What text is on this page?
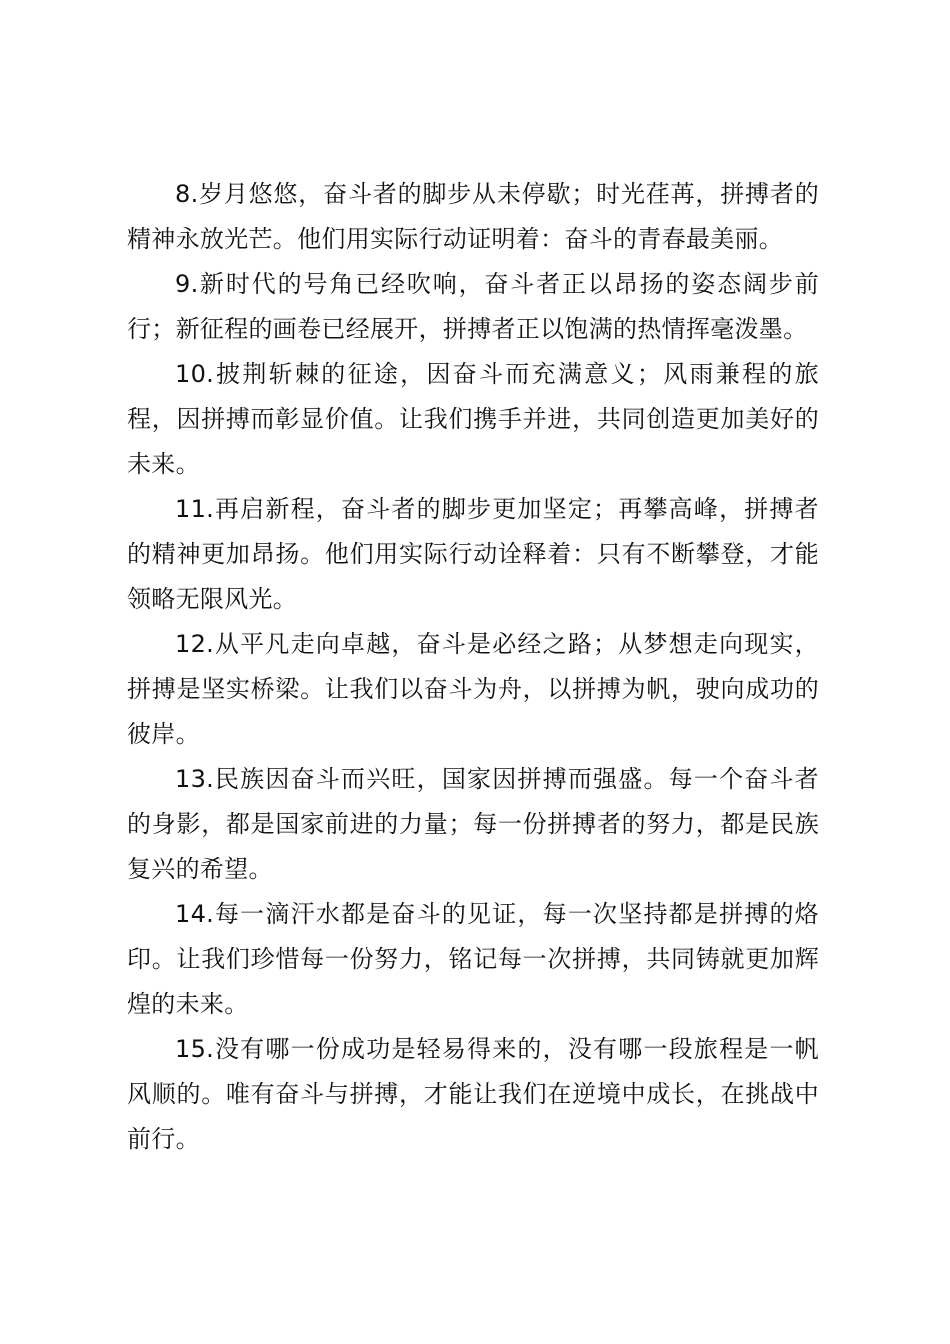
8.岁月悠悠，奋斗者的脚步从未停歇；时光荏苒，拼搏者的精神永放光芒。他们用实际行动证明着：奋斗的青春最美丽。

9.新时代的号角已经吹响，奋斗者正以昂扬的姿态阔步前行；新征程的画卷已经展开，拼搏者正以饱满的热情挥毫泼墨。

10.披荆斩棘的征途，因奋斗而充满意义；风雨兼程的旅程，因拼搏而彰显价值。让我们携手并进，共同创造更加美好的未来。

11.再启新程，奋斗者的脚步更加坚定；再攀高峰，拼搏者的精神更加昂扬。他们用实际行动诠释着：只有不断攀登，才能领略无限风光。

12.从平凡走向卓越，奋斗是必经之路；从梦想走向现实，拼搏是坚实桥梁。让我们以奋斗为舟，以拼搏为帆，驶向成功的彼岸。

13.民族因奋斗而兴旺，国家因拼搏而强盛。每一个奋斗者的身影，都是国家前进的力量；每一份拼搏者的努力，都是民族复兴的希望。

14.每一滴汗水都是奋斗的见证，每一次坚持都是拼搏的烙印。让我们珍惜每一份努力，铭记每一次拼搏，共同铸就更加辉煌的未来。

15.没有哪一份成功是轻易得来的，没有哪一段旅程是一帆风顺的。唯有奋斗与拼搏，才能让我们在逆境中成长，在挑战中前行。
